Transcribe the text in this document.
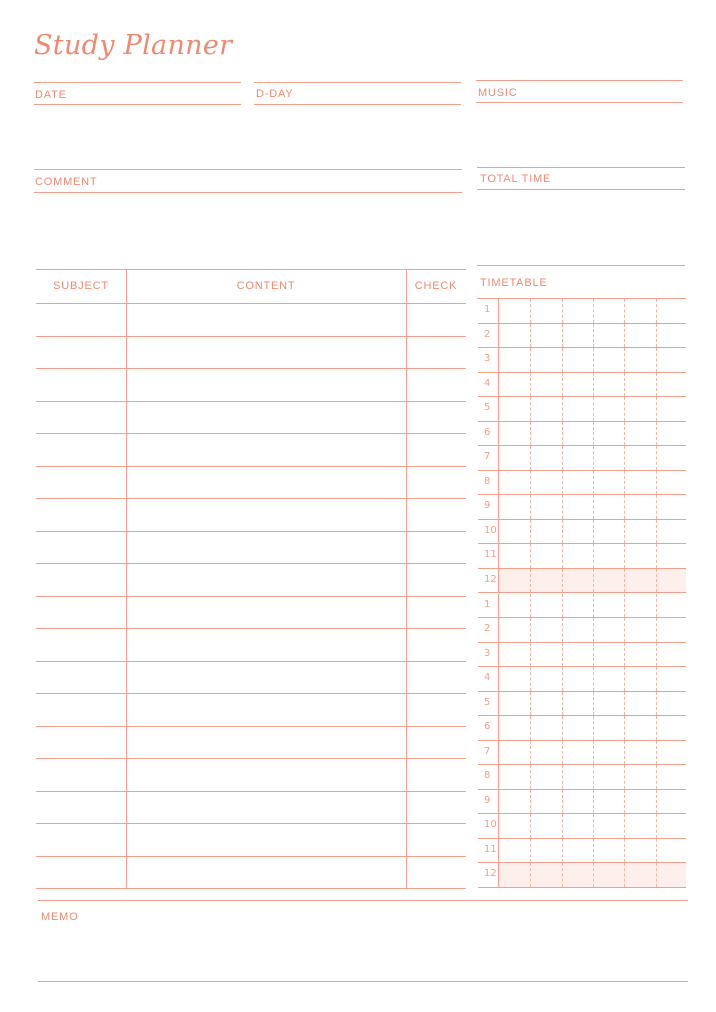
Study Planner
DATE	D-DAY	MUSIC
COMMENT	TOTAL TIME
SUBJECT	CONTENT	CHECK	TIMETABLE
1
2
3
4
5
6
7
8
9
10
11
12
1
2
3
4
5
6
7
8
9
10
11
12
MEMO
